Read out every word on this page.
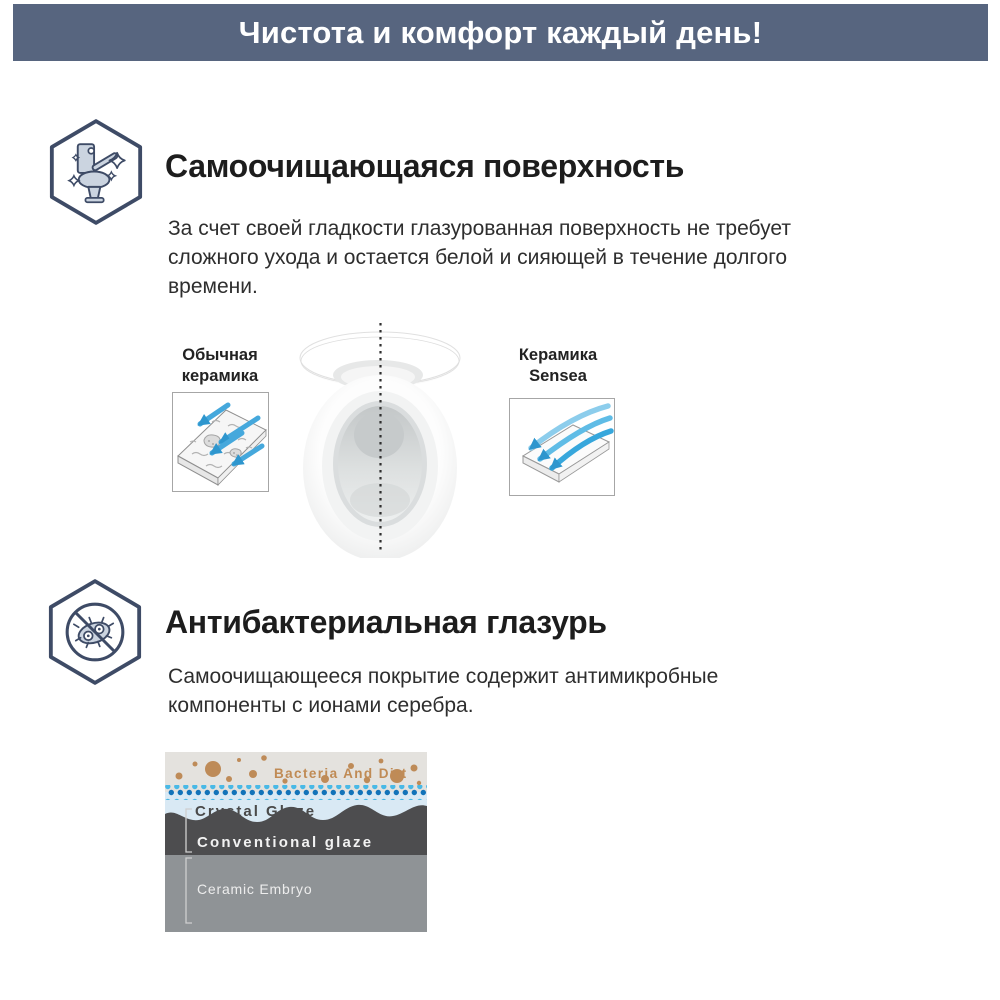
Чистота и комфорт каждый день!
Самоочищающаяся поверхность
За счет своей гладкости глазурованная поверхность не требует
сложного ухода и остается белой и сияющей в течение долгого
времени.
Обычная
керамика
Керамика
Sensea
Антибактериальная глазурь
Самоочищающееся покрытие содержит антимикробные
компоненты с ионами серебра.
Bacteria And Dirt
Crystal Glaze
Conventional glaze
Ceramic Embryo
